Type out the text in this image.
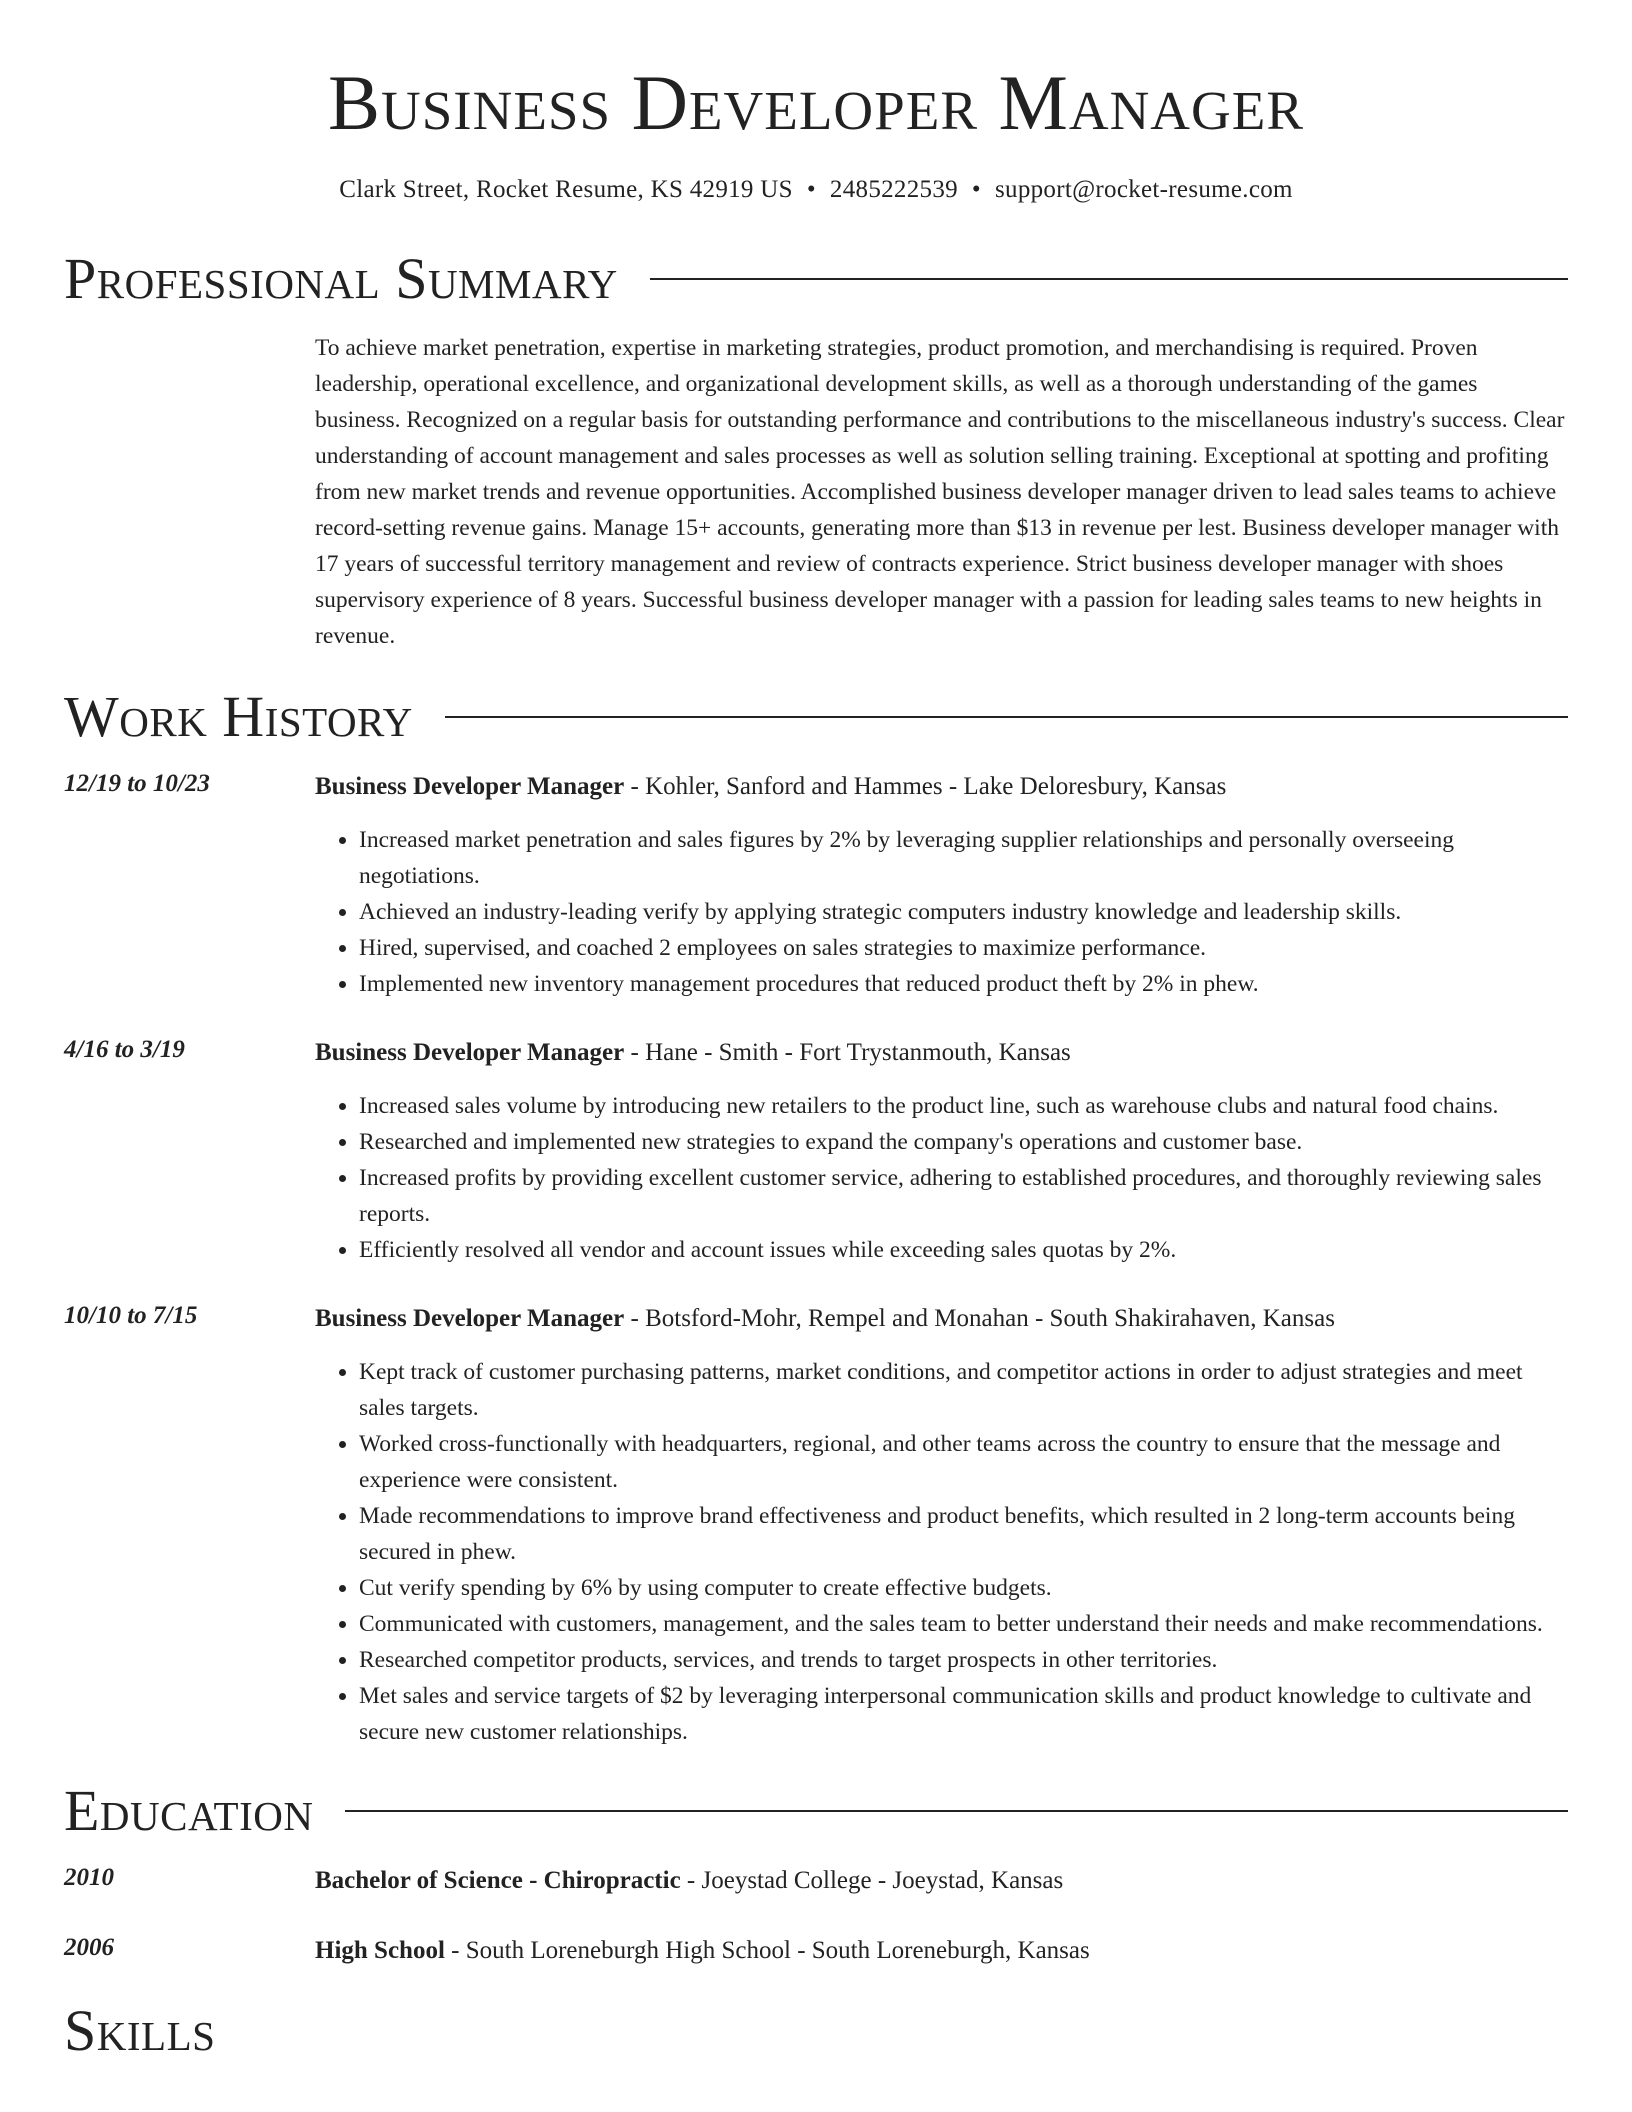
Business Developer Manager
Clark Street, Rocket Resume, KS 42919 US • 2485222539 • support@rocket-resume.com
Professional Summary
To achieve market penetration, expertise in marketing strategies, product promotion, and merchandising is required. Proven leadership, operational excellence, and organizational development skills, as well as a thorough understanding of the games business. Recognized on a regular basis for outstanding performance and contributions to the miscellaneous industry's success. Clear understanding of account management and sales processes as well as solution selling training. Exceptional at spotting and profiting from new market trends and revenue opportunities. Accomplished business developer manager driven to lead sales teams to achieve record-setting revenue gains. Manage 15+ accounts, generating more than $13 in revenue per lest. Business developer manager with 17 years of successful territory management and review of contracts experience. Strict business developer manager with shoes supervisory experience of 8 years. Successful business developer manager with a passion for leading sales teams to new heights in revenue.
Work History
12/19 to 10/23	Business Developer Manager - Kohler, Sanford and Hammes - Lake Deloresbury, Kansas
• Increased market penetration and sales figures by 2% by leveraging supplier relationships and personally overseeing negotiations.
• Achieved an industry-leading verify by applying strategic computers industry knowledge and leadership skills.
• Hired, supervised, and coached 2 employees on sales strategies to maximize performance.
• Implemented new inventory management procedures that reduced product theft by 2% in phew.
4/16 to 3/19	Business Developer Manager - Hane - Smith - Fort Trystanmouth, Kansas
• Increased sales volume by introducing new retailers to the product line, such as warehouse clubs and natural food chains.
• Researched and implemented new strategies to expand the company's operations and customer base.
• Increased profits by providing excellent customer service, adhering to established procedures, and thoroughly reviewing sales reports.
• Efficiently resolved all vendor and account issues while exceeding sales quotas by 2%.
10/10 to 7/15	Business Developer Manager - Botsford-Mohr, Rempel and Monahan - South Shakirahaven, Kansas
• Kept track of customer purchasing patterns, market conditions, and competitor actions in order to adjust strategies and meet sales targets.
• Worked cross-functionally with headquarters, regional, and other teams across the country to ensure that the message and experience were consistent.
• Made recommendations to improve brand effectiveness and product benefits, which resulted in 2 long-term accounts being secured in phew.
• Cut verify spending by 6% by using computer to create effective budgets.
• Communicated with customers, management, and the sales team to better understand their needs and make recommendations.
• Researched competitor products, services, and trends to target prospects in other territories.
• Met sales and service targets of $2 by leveraging interpersonal communication skills and product knowledge to cultivate and secure new customer relationships.
Education
2010	Bachelor of Science - Chiropractic - Joeystad College - Joeystad, Kansas
2006	High School - South Loreneburgh High School - South Loreneburgh, Kansas
Skills
